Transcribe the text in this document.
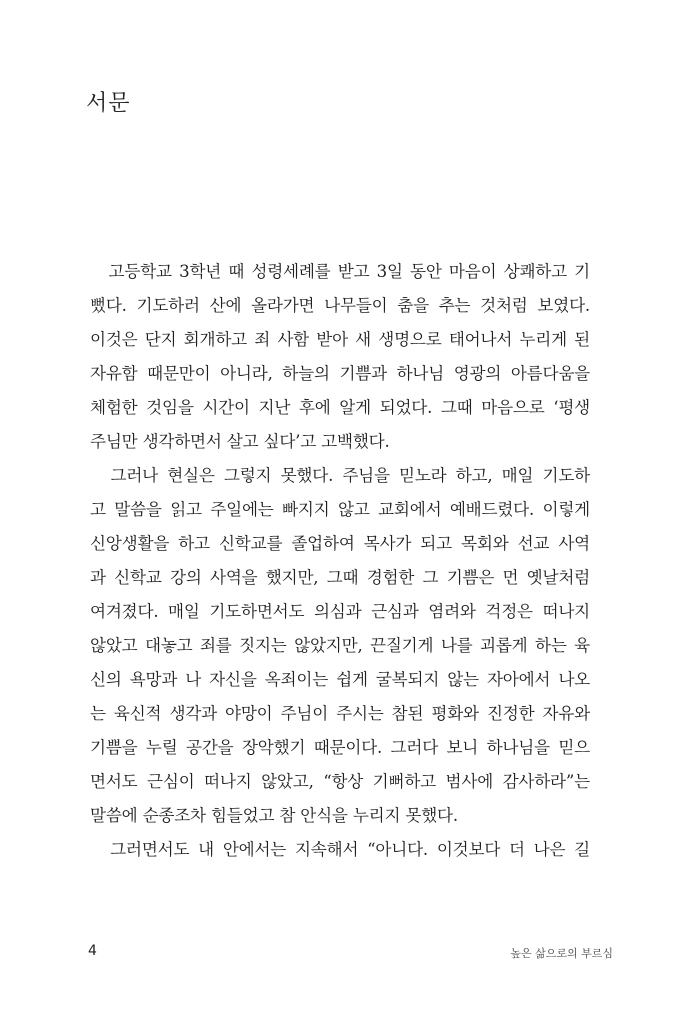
서문
　고등학교 3학년 때 성령세례를 받고 3일 동안 마음이 상쾌하고 기
뻤다. 기도하러 산에 올라가면 나무들이 춤을 추는 것처럼 보였다.
이것은 단지 회개하고 죄 사함 받아 새 생명으로 태어나서 누리게 된
자유함 때문만이 아니라, 하늘의 기쁨과 하나님 영광의 아름다움을
체험한 것임을 시간이 지난 후에 알게 되었다. 그때 마음으로 ‘평생
주님만 생각하면서 살고 싶다’고 고백했다.
　그러나 현실은 그렇지 못했다. 주님을 믿노라 하고, 매일 기도하
고 말씀을 읽고 주일에는 빠지지 않고 교회에서 예배드렸다. 이렇게
신앙생활을 하고 신학교를 졸업하여 목사가 되고 목회와 선교 사역
과 신학교 강의 사역을 했지만, 그때 경험한 그 기쁨은 먼 옛날처럼
여겨졌다. 매일 기도하면서도 의심과 근심과 염려와 걱정은 떠나지
않았고 대놓고 죄를 짓지는 않았지만, 끈질기게 나를 괴롭게 하는 육
신의 욕망과 나 자신을 옥죄이는 쉽게 굴복되지 않는 자아에서 나오
는 육신적 생각과 야망이 주님이 주시는 참된 평화와 진정한 자유와
기쁨을 누릴 공간을 장악했기 때문이다. 그러다 보니 하나님을 믿으
면서도 근심이 떠나지 않았고, “항상 기뻐하고 범사에 감사하라”는
말씀에 순종조차 힘들었고 참 안식을 누리지 못했다.
　그러면서도 내 안에서는 지속해서 “아니다. 이것보다 더 나은 길
4	높은 삶으로의 부르심
